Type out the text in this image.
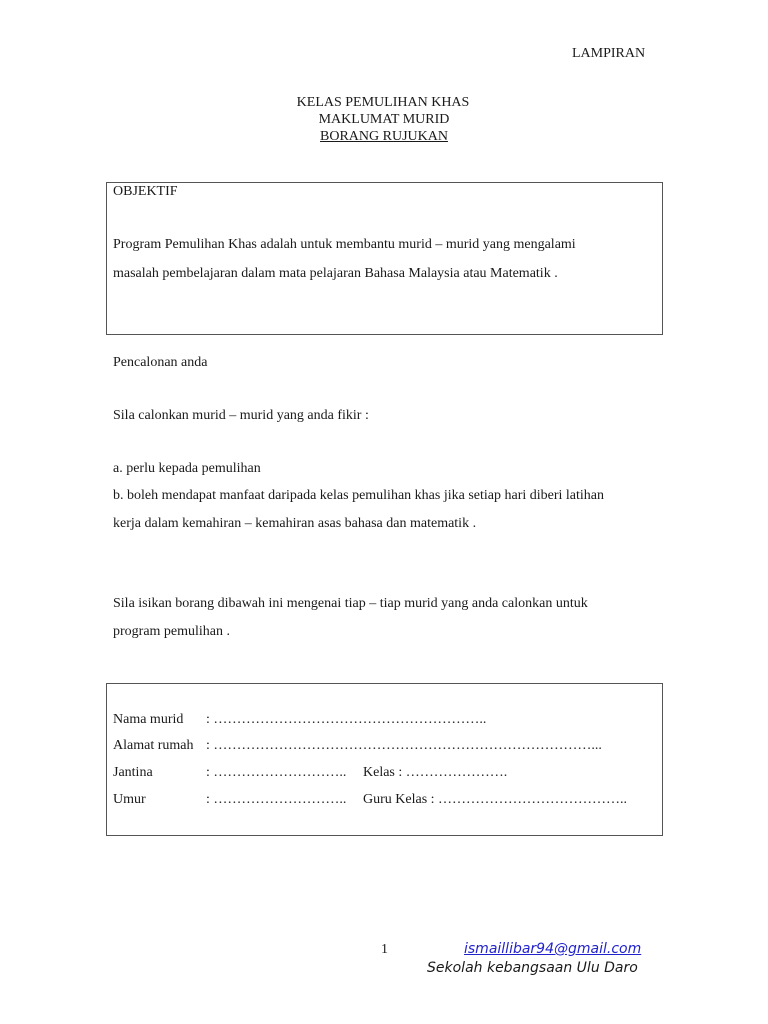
LAMPIRAN
KELAS PEMULIHAN KHAS
MAKLUMAT MURID
BORANG RUJUKAN
OBJEKTIF
Program Pemulihan Khas adalah untuk membantu murid – murid yang mengalami
masalah pembelajaran dalam mata pelajaran Bahasa Malaysia atau Matematik .
Pencalonan anda
Sila calonkan murid – murid yang anda fikir :
a. perlu kepada pemulihan
b. boleh mendapat manfaat daripada kelas pemulihan khas jika setiap hari diberi latihan
kerja dalam kemahiran – kemahiran asas bahasa dan matematik .
Sila isikan borang dibawah ini mengenai tiap – tiap murid yang anda calonkan untuk
program pemulihan .
Nama murid : …………………………………………………..
Alamat rumah : ………………………………………………………………………...
Jantina	: ……………………….. Kelas : ………………….
Umur	: ……………………….. Guru Kelas : …………………………………..
1	ismaillibar94@gmail.com
Sekolah kebangsaan Ulu Daro
